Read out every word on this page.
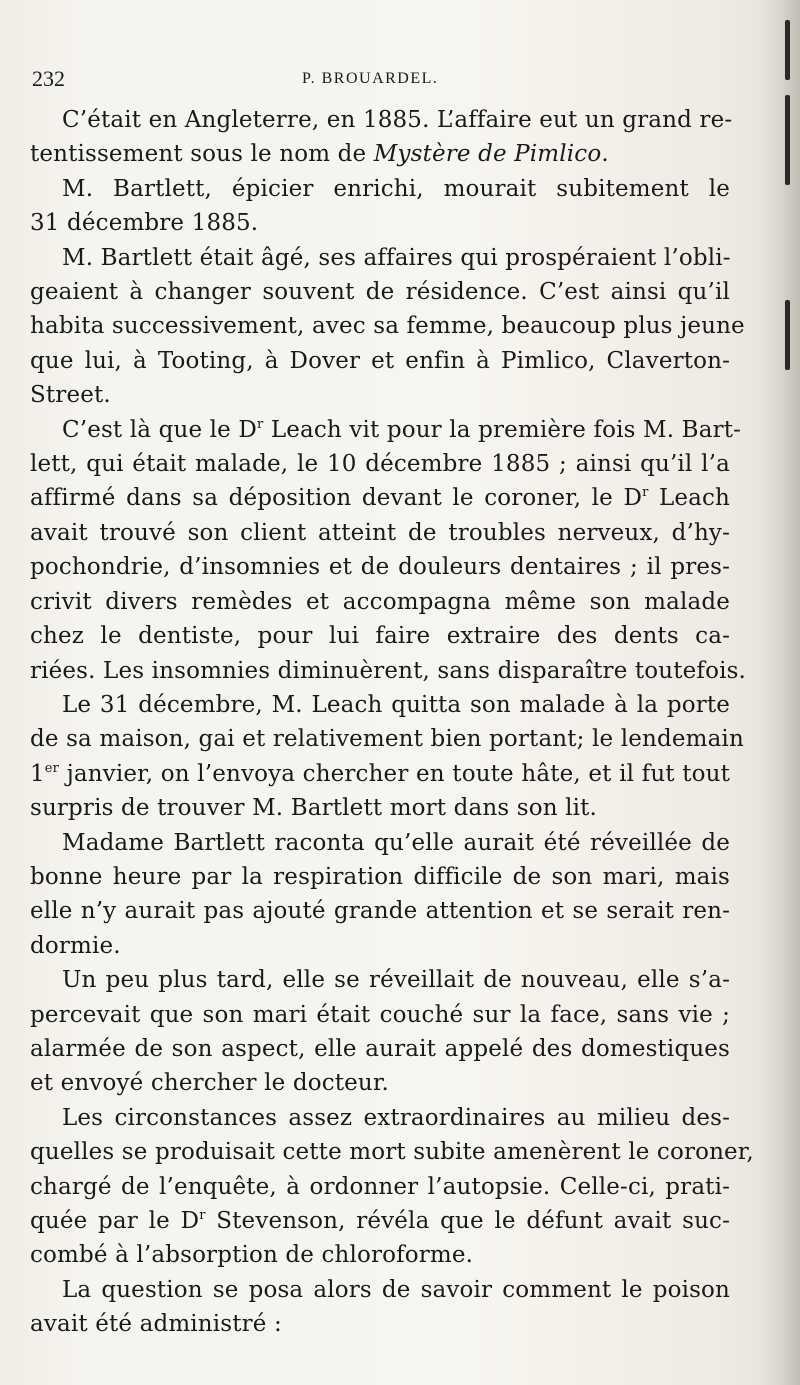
232	P. BROUARDEL.

C’était en Angleterre, en 1885. L’affaire eut un grand re-
tentissement sous le nom de Mystère de Pimlico.

M. Bartlett, épicier enrichi, mourait subitement le
31 décembre 1885.

M. Bartlett était âgé, ses affaires qui prospéraient l’obli-
geaient à changer souvent de résidence. C’est ainsi qu’il
habita successivement, avec sa femme, beaucoup plus jeune
que lui, à Tooting, à Dover et enfin à Pimlico, Claverton-
Street.

C’est là que le $D^r$ Leach vit pour la première fois M. Bart-
lett, qui était malade, le 10 décembre 1885 ; ainsi qu’il l’a
affirmé dans sa déposition devant le coroner, le $D^r$ Leach
avait trouvé son client atteint de troubles nerveux, d’hy-
pochondrie, d’insomnies et de douleurs dentaires ; il pres-
crivit divers remèdes et accompagna même son malade
chez le dentiste, pour lui faire extraire des dents ca-
riées. Les insomnies diminuèrent, sans disparaître toutefois.

Le 31 décembre, M. Leach quitta son malade à la porte
de sa maison, gai et relativement bien portant; le lendemain
1er janvier, on l’envoya chercher en toute hâte, et il fut tout
surpris de trouver M. Bartlett mort dans son lit.

Madame Bartlett raconta qu’elle aurait été réveillée de
bonne heure par la respiration difficile de son mari, mais
elle n’y aurait pas ajouté grande attention et se serait ren-
dormie.

Un peu plus tard, elle se réveillait de nouveau, elle s’a-
percevait que son mari était couché sur la face, sans vie ;
alarmée de son aspect, elle aurait appelé des domestiques
et envoyé chercher le docteur.

Les circonstances assez extraordinaires au milieu des-
quelles se produisait cette mort subite amenèrent le coroner,
chargé de l’enquête, à ordonner l’autopsie. Celle-ci, prati-
quée par le $D^r$ Stevenson, révéla que le défunt avait suc-
combé à l’absorption de chloroforme.

La question se posa alors de savoir comment le poison
avait été administré :
